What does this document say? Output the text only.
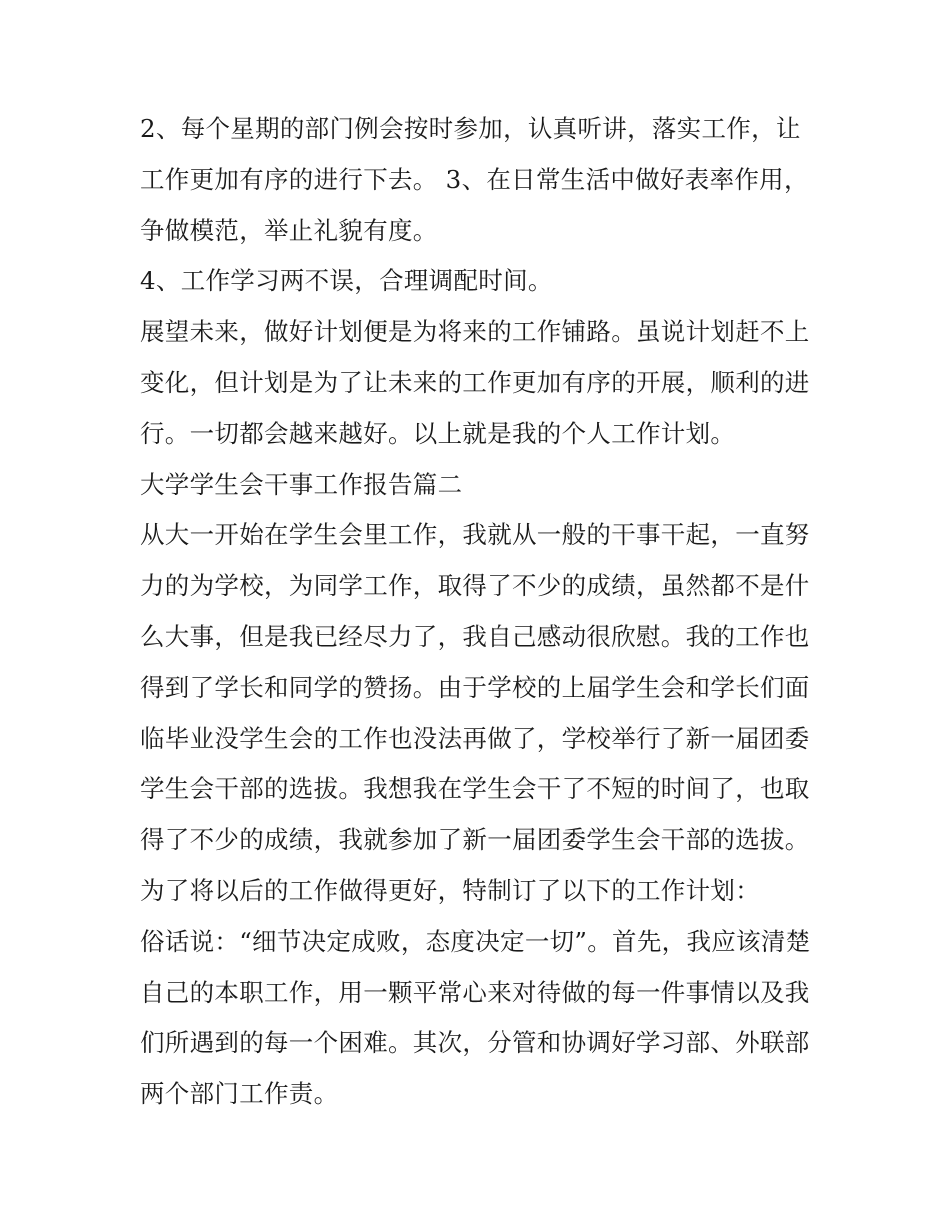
2、每个星期的部门例会按时参加，认真听讲，落实工作，让
工作更加有序的进行下去。 3、在日常生活中做好表率作用，
争做模范，举止礼貌有度。
4、工作学习两不误，合理调配时间。
展望未来，做好计划便是为将来的工作铺路。虽说计划赶不上
变化，但计划是为了让未来的工作更加有序的开展，顺利的进
行。一切都会越来越好。以上就是我的个人工作计划。
大学学生会干事工作报告篇二
从大一开始在学生会里工作，我就从一般的干事干起，一直努
力的为学校，为同学工作，取得了不少的成绩，虽然都不是什
么大事，但是我已经尽力了，我自己感动很欣慰。我的工作也
得到了学长和同学的赞扬。由于学校的上届学生会和学长们面
临毕业没学生会的工作也没法再做了，学校举行了新一届团委
学生会干部的选拔。我想我在学生会干了不短的时间了，也取
得了不少的成绩，我就参加了新一届团委学生会干部的选拔。
为了将以后的工作做得更好，特制订了以下的工作计划：
俗话说：“细节决定成败，态度决定一切”。首先，我应该清楚
自己的本职工作，用一颗平常心来对待做的每一件事情以及我
们所遇到的每一个困难。其次，分管和协调好学习部、外联部
两个部门工作责。
